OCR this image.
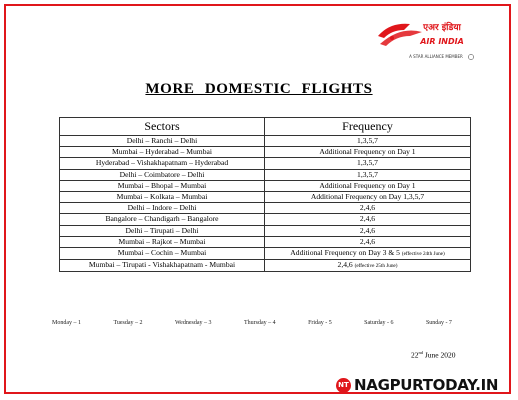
एअर इंडिया
AIR INDIA
A STAR ALLIANCE MEMBER
MORE DOMESTIC FLIGHTS
Sectors	Frequency
Delhi – Ranchi – Delhi	1,3,5,7
Mumbai – Hyderabad – Mumbai	Additional Frequency on Day 1
Hyderabad – Vishakhapatnam – Hyderabad	1,3,5,7
Delhi – Coimbatore – Delhi	1,3,5,7
Mumbai – Bhopal – Mumbai	Additional Frequency on Day 1
Mumbai – Kolkata – Mumbai	Additional Frequency on Day 1,3,5,7
Delhi – Indore – Delhi	2,4,6
Bangalore – Chandigarh – Bangalore	2,4,6
Delhi – Tirupati – Delhi	2,4,6
Mumbai – Rajkot – Mumbai	2,4,6
Mumbai – Cochin – Mumbai	Additional Frequency on Day 3 & 5 (effective 24th June)
Mumbai – Tirupati - Vishakhapatnam - Mumbai	2,4,6 (effective 25th June)
Monday – 1	Tuesday – 2	Wednesday – 3	Thursday – 4	Friday - 5	Saturday - 6	Sunday - 7
22nd June 2020
NT NAGPURTODAY.IN
